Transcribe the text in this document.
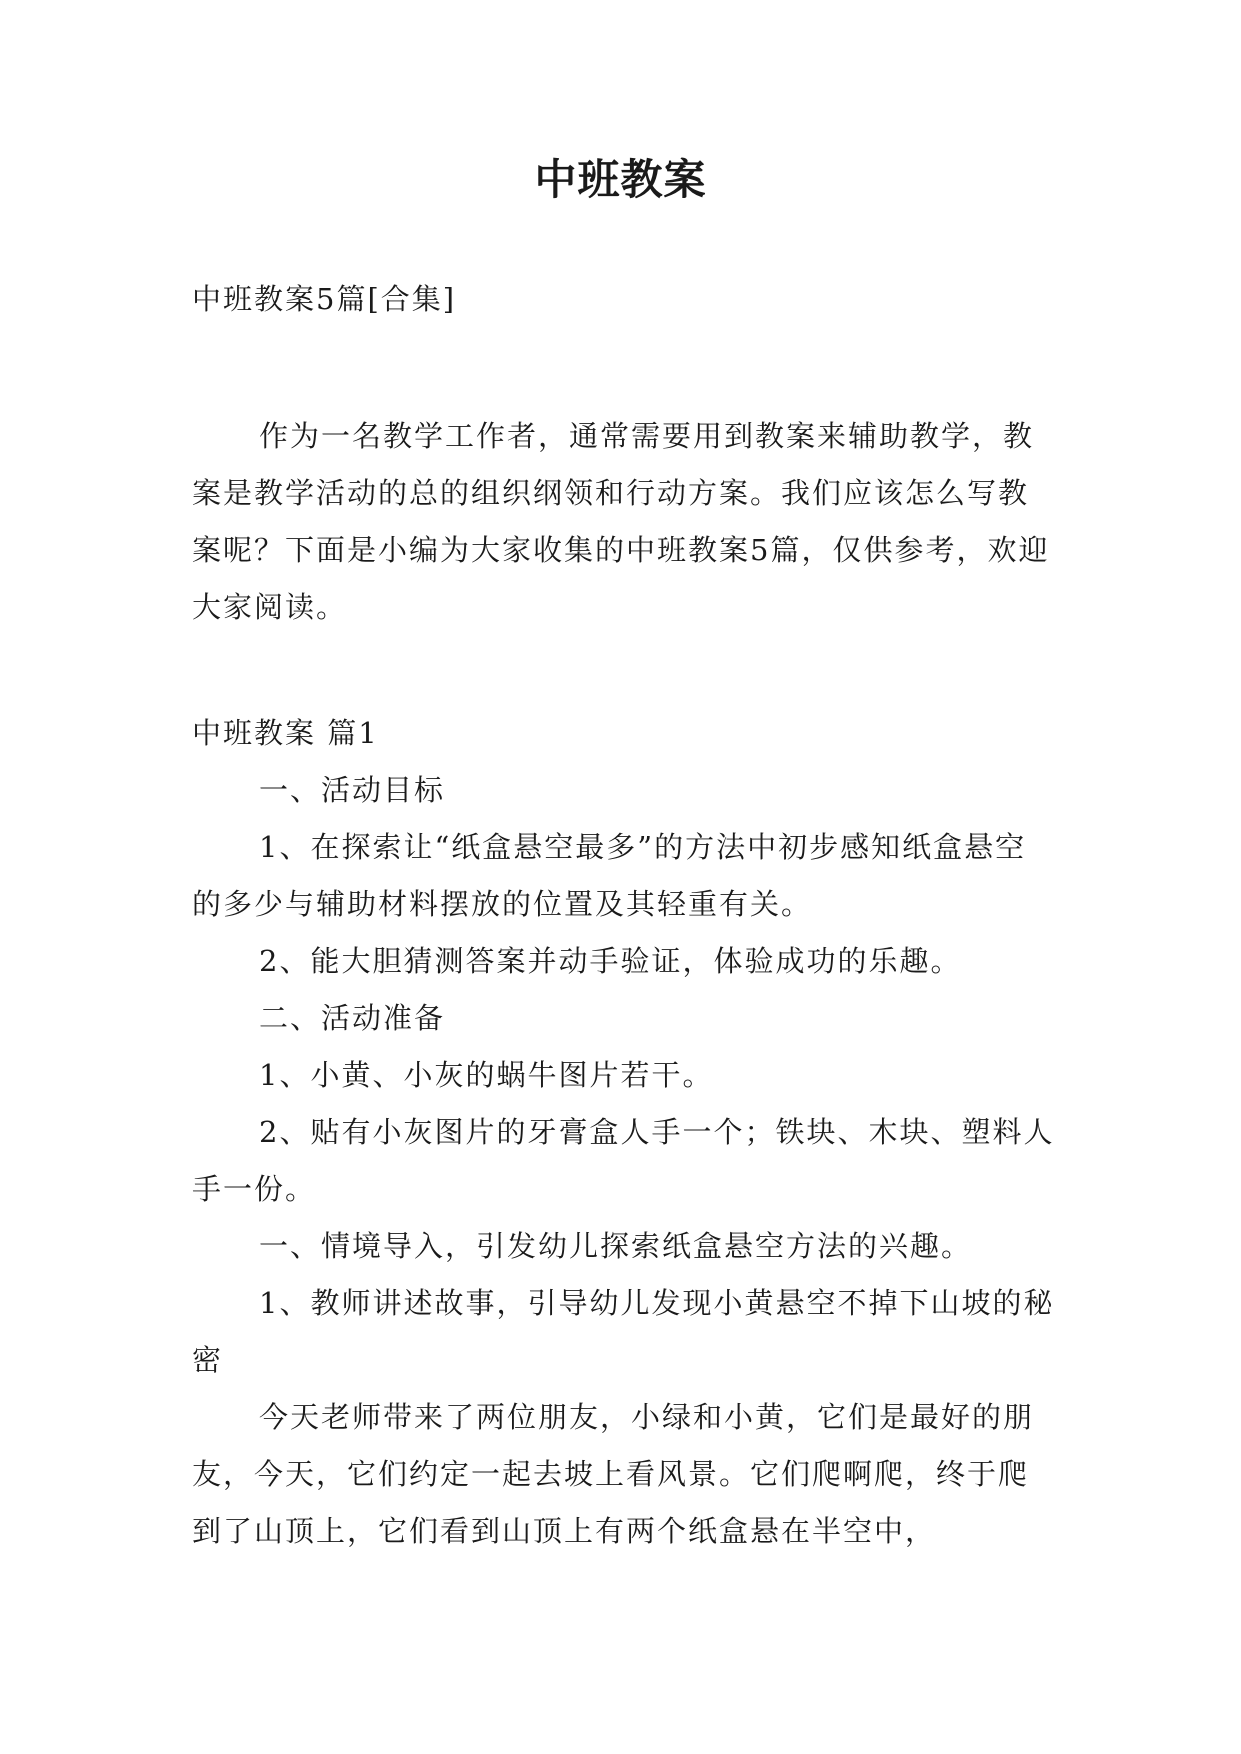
中班教案
中班教案5篇[合集]
作为一名教学工作者，通常需要用到教案来辅助教学，教案是教学活动的总的组织纲领和行动方案。我们应该怎么写教案呢？下面是小编为大家收集的中班教案5篇，仅供参考，欢迎大家阅读。
中班教案 篇1

一、活动目标

1、在探索让“纸盒悬空最多”的方法中初步感知纸盒悬空的多少与辅助材料摆放的位置及其轻重有关。

2、能大胆猜测答案并动手验证，体验成功的乐趣。

二、活动准备

1、小黄、小灰的蜗牛图片若干。

2、贴有小灰图片的牙膏盒人手一个；铁块、木块、塑料人手一份。

一、情境导入，引发幼儿探索纸盒悬空方法的兴趣。

1、教师讲述故事，引导幼儿发现小黄悬空不掉下山坡的秘密

今天老师带来了两位朋友，小绿和小黄，它们是最好的朋友，今天，它们约定一起去坡上看风景。它们爬啊爬，终于爬到了山顶上，它们看到山顶上有两个纸盒悬在半空中，
